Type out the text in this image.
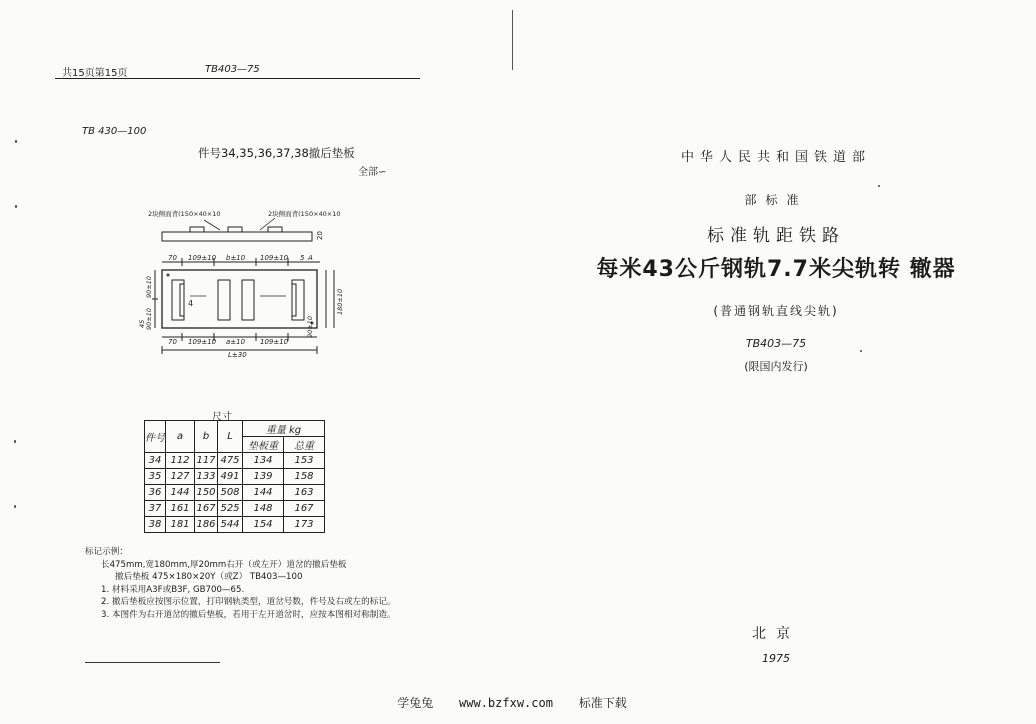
共15页第15页	TB403—75
TB 430—100
件号34,35,36,37,38撤后垫板
全部∽
2块侧面背(150×40×10	2块侧面背(150×40×10
20
70 109±10 b±10 109±10 5 A
4
90±10
90±10
45
180±10
90±10
70 109±10 a±10 109±10
L±30
尺寸
件号	a	b	L	重量 kg	
				垫板重	总重
34	112	117	475	134	153
35	127	133	491	139	158
36	144	150	508	144	163
37	161	167	525	148	167
38	181	186	544	154	173
标记示例：
长475mm,宽180mm,厚20mm右开（或左开）道岔的撤后垫板
撤后垫板 475×180×20Y（或Z） TB403—100
1. 材料采用A3F或B3F, GB700—65.
2. 撤后垫板应按图示位置，打印钢轨类型，道岔号数，件号及右或左的标记。
3. 本图件为右开道岔的撤后垫板，若用于左开道岔时，应按本图相对称制造。
中华人民共和国铁道部
部标准
标准轨距铁路
每米43公斤钢轨7.7米尖轨转 辙器
(普通钢轨直线尖轨)
TB403—75
(限国内发行)
北京
1975
学兔兔 www.bzfxw.com 标准下载
